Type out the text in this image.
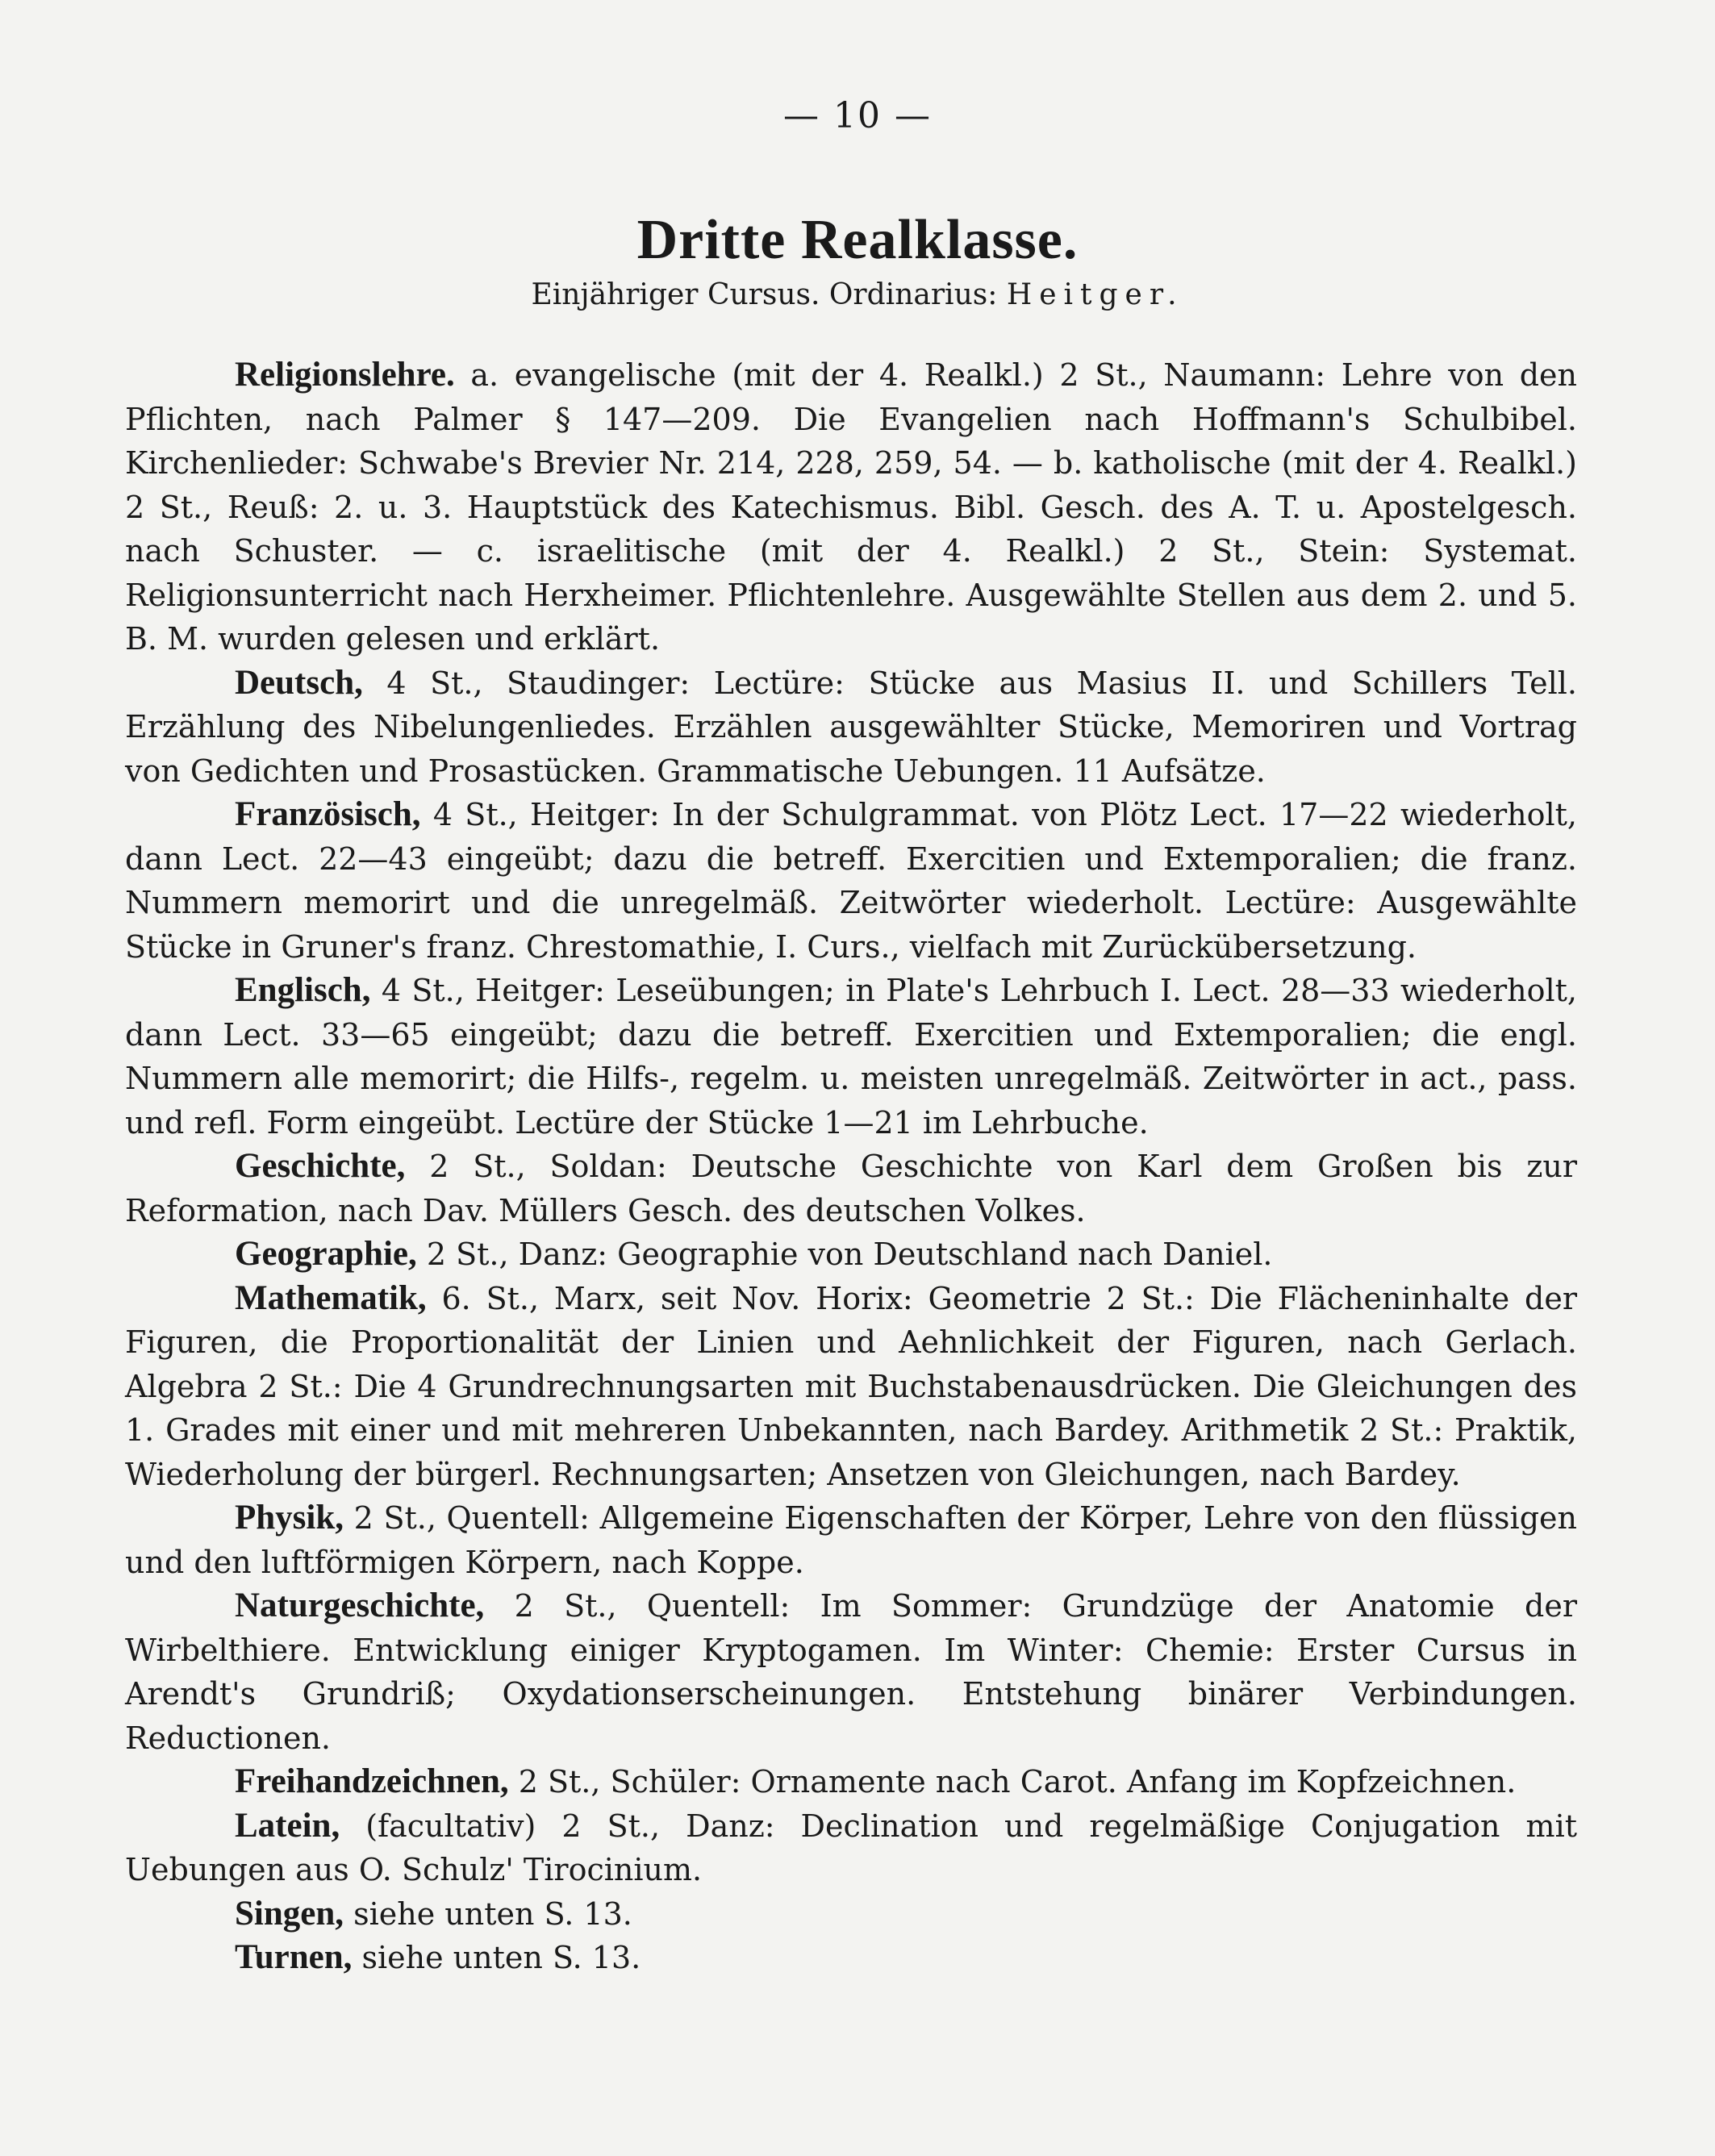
— 10 —
Dritte Realklasse.
Einjähriger Cursus. Ordinarius: Heitger.

Religionslehre. a. evangelische (mit der 4. Realkl.) 2 St., Naumann: Lehre von den Pflichten, nach Palmer § 147—209. Die Evangelien nach Hoffmann's Schulbibel. Kirchenlieder: Schwabe's Brevier Nr. 214, 228, 259, 54. — b. katholische (mit der 4. Realkl.) 2 St., Reuß: 2. u. 3. Hauptstück des Katechismus. Bibl. Gesch. des A. T. u. Apostelgesch. nach Schuster. — c. israelitische (mit der 4. Realkl.) 2 St., Stein: Systemat. Religionsunterricht nach Herxheimer. Pflichtenlehre. Ausgewählte Stellen aus dem 2. und 5. B. M. wurden gelesen und erklärt.

Deutsch, 4 St., Staudinger: Lectüre: Stücke aus Masius II. und Schillers Tell. Erzählung des Nibelungenliedes. Erzählen ausgewählter Stücke, Memoriren und Vortrag von Gedichten und Prosastücken. Grammatische Uebungen. 11 Aufsätze.

Französisch, 4 St., Heitger: In der Schulgrammat. von Plötz Lect. 17—22 wiederholt, dann Lect. 22—43 eingeübt; dazu die betreff. Exercitien und Extemporalien; die franz. Nummern memorirt und die unregelmäß. Zeitwörter wiederholt. Lectüre: Ausgewählte Stücke in Gruner's franz. Chrestomathie, I. Curs., vielfach mit Zurückübersetzung.

Englisch, 4 St., Heitger: Leseübungen; in Plate's Lehrbuch I. Lect. 28—33 wiederholt, dann Lect. 33—65 eingeübt; dazu die betreff. Exercitien und Extemporalien; die engl. Nummern alle memorirt; die Hilfs-, regelm. u. meisten unregelmäß. Zeitwörter in act., pass. und refl. Form eingeübt. Lectüre der Stücke 1—21 im Lehrbuche.

Geschichte, 2 St., Soldan: Deutsche Geschichte von Karl dem Großen bis zur Reformation, nach Dav. Müllers Gesch. des deutschen Volkes.

Geographie, 2 St., Danz: Geographie von Deutschland nach Daniel.

Mathematik, 6. St., Marx, seit Nov. Horix: Geometrie 2 St.: Die Flächeninhalte der Figuren, die Proportionalität der Linien und Aehnlichkeit der Figuren, nach Gerlach. Algebra 2 St.: Die 4 Grundrechnungsarten mit Buchstabenausdrücken. Die Gleichungen des 1. Grades mit einer und mit mehreren Unbekannten, nach Bardey. Arithmetik 2 St.: Praktik, Wiederholung der bürgerl. Rechnungsarten; Ansetzen von Gleichungen, nach Bardey.

Physik, 2 St., Quentell: Allgemeine Eigenschaften der Körper, Lehre von den flüssigen und den luftförmigen Körpern, nach Koppe.

Naturgeschichte, 2 St., Quentell: Im Sommer: Grundzüge der Anatomie der Wirbelthiere. Entwicklung einiger Kryptogamen. Im Winter: Chemie: Erster Cursus in Arendt's Grundriß; Oxydationserscheinungen. Entstehung binärer Verbindungen. Reductionen.

Freihandzeichnen, 2 St., Schüler: Ornamente nach Carot. Anfang im Kopfzeichnen.

Latein, (facultativ) 2 St., Danz: Declination und regelmäßige Conjugation mit Uebungen aus O. Schulz' Tirocinium.

Singen, siehe unten S. 13.

Turnen, siehe unten S. 13.
